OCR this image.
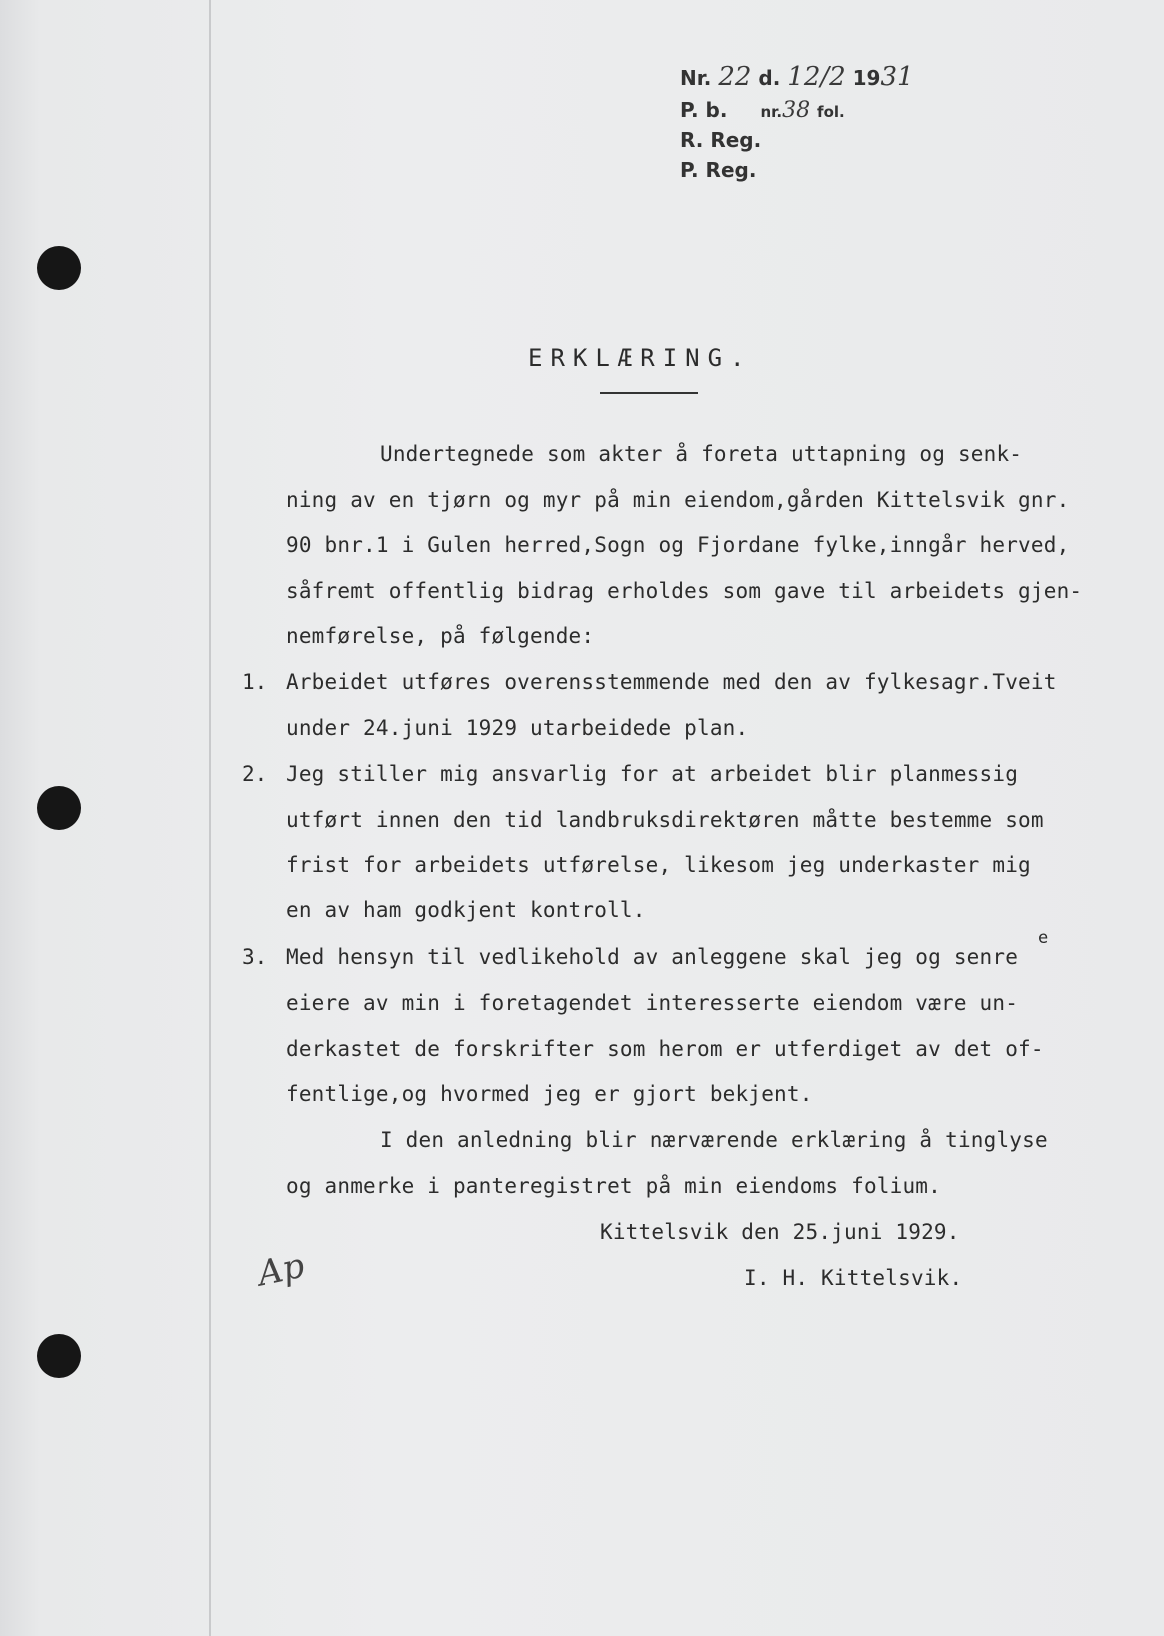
Nr. 22 d. 12/2 1931
P. b. nr.38 fol.
R. Reg.
P. Reg.
ERKLÆRING.
Undertegnede som akter å foreta uttapning og senk-
ning av en tjørn og myr på min eiendom,gården Kittelsvik gnr.
90 bnr.1 i Gulen herred,Sogn og Fjordane fylke,inngår herved,
såfremt offentlig bidrag erholdes som gave til arbeidets gjen-
nemførelse, på følgende:
1. Arbeidet utføres overensstemmende med den av fylkesagr.Tveit
under 24.juni 1929 utarbeidede plan.
2. Jeg stiller mig ansvarlig for at arbeidet blir planmessig
utført innen den tid landbruksdirektøren måtte bestemme som
frist for arbeidets utførelse, likesom jeg underkaster mig
en av ham godkjent kontroll.
e
3. Med hensyn til vedlikehold av anleggene skal jeg og senre
eiere av min i foretagendet interesserte eiendom være un-
derkastet de forskrifter som herom er utferdiget av det of-
fentlige,og hvormed jeg er gjort bekjent.
I den anledning blir nærværende erklæring å tinglyse
og anmerke i panteregistret på min eiendoms folium.
Kittelsvik den 25.juni 1929.
I. H. Kittelsvik.
Ap
